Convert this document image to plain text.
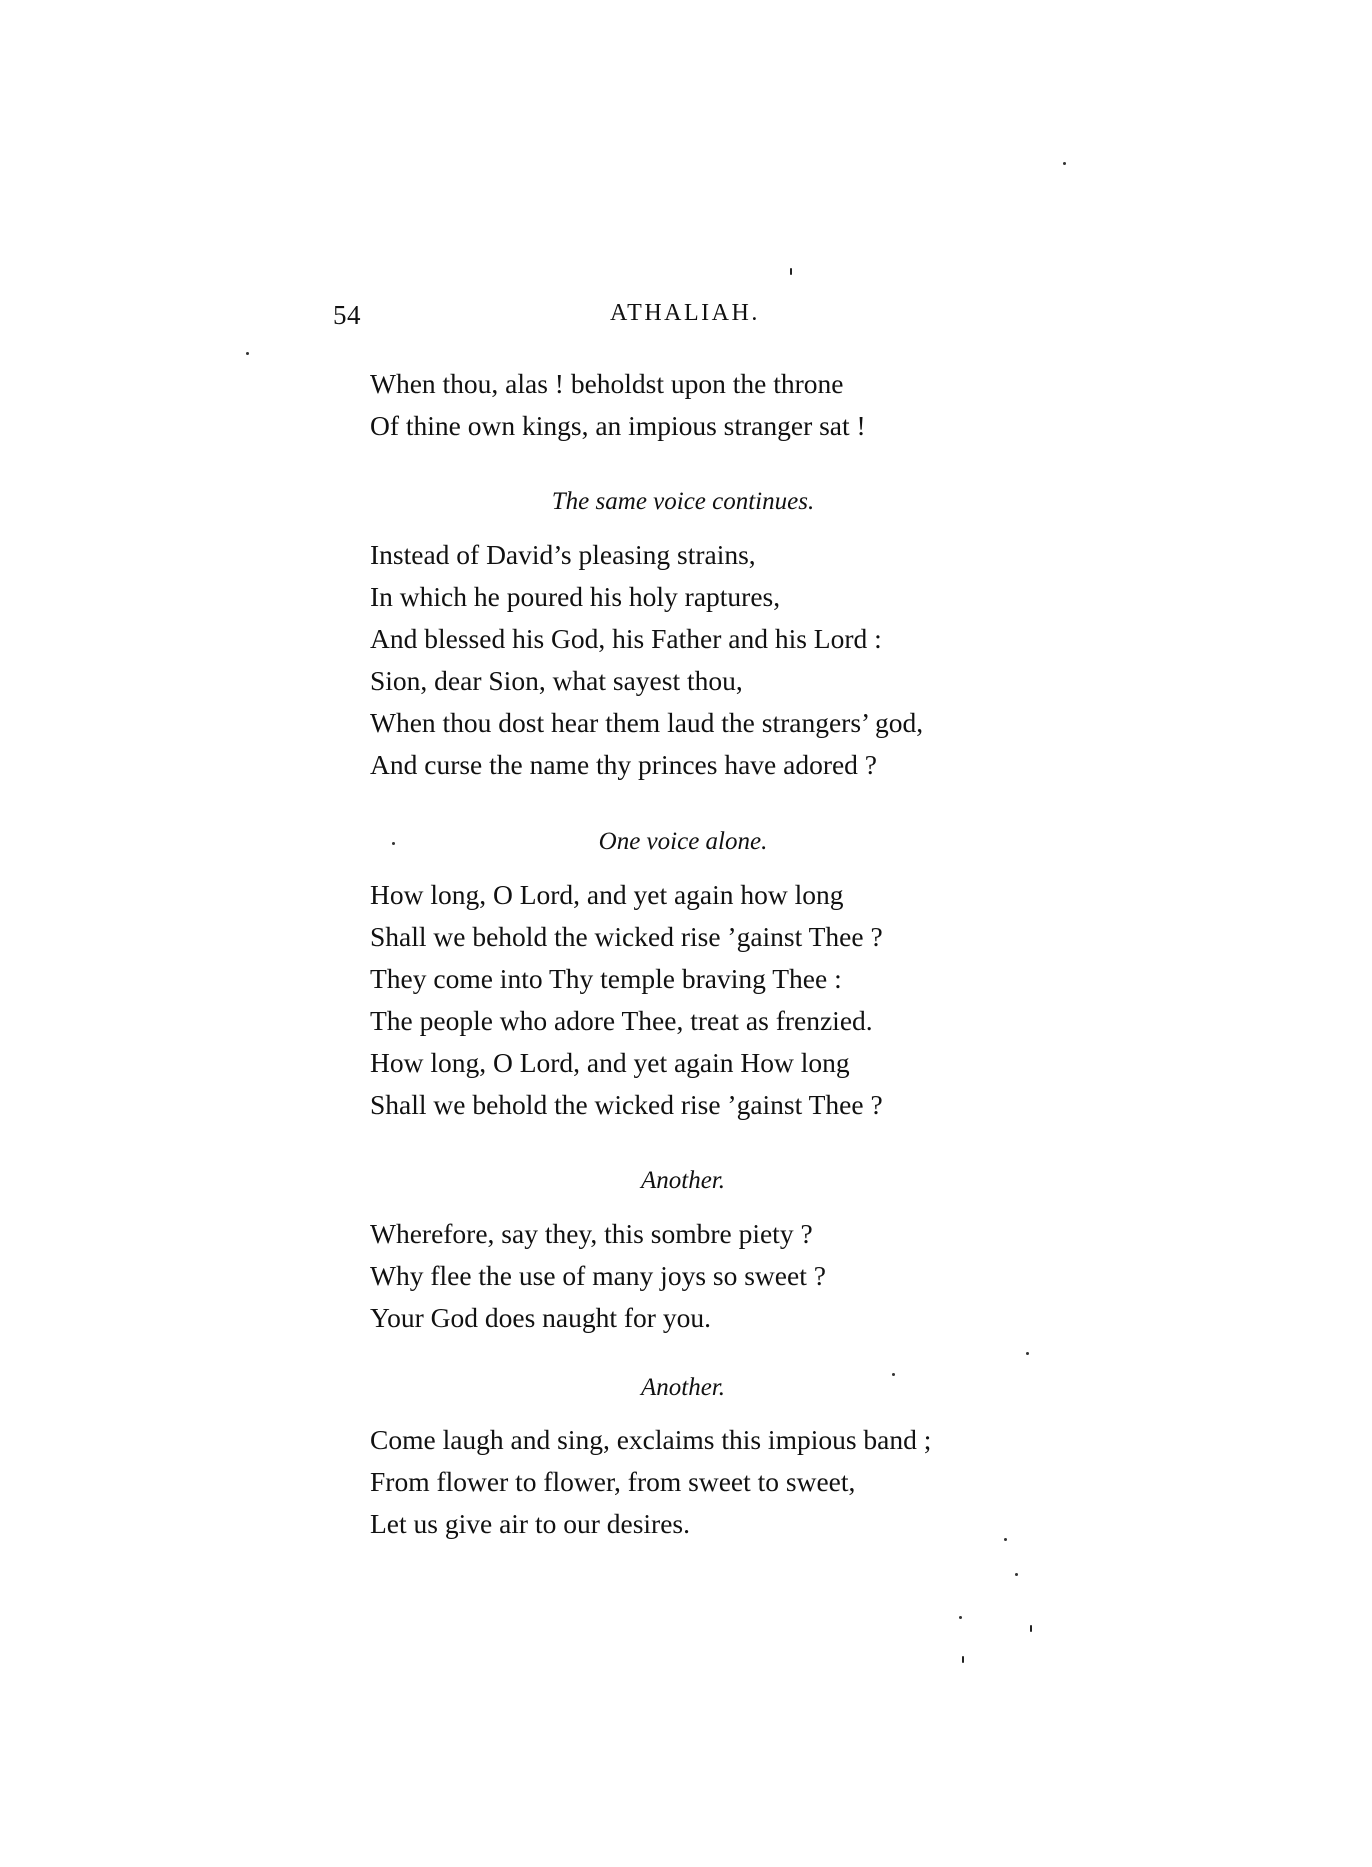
54	ATHALIAH.
When thou, alas ! beholdst upon the throne
Of thine own kings, an impious stranger sat !
The same voice continues.
Instead of David’s pleasing strains,
In which he poured his holy raptures,
And blessed his God, his Father and his Lord :
Sion, dear Sion, what sayest thou,
When thou dost hear them laud the strangers’ god,
And curse the name thy princes have adored ?
One voice alone.
How long, O Lord, and yet again how long
Shall we behold the wicked rise ’gainst Thee ?
They come into Thy temple braving Thee :
The people who adore Thee, treat as frenzied.
How long, O Lord, and yet again How long
Shall we behold the wicked rise ’gainst Thee ?
Another.
Wherefore, say they, this sombre piety ?
Why flee the use of many joys so sweet ?
Your God does naught for you.
Another.
Come laugh and sing, exclaims this impious band ;
From flower to flower, from sweet to sweet,
Let us give air to our desires.
